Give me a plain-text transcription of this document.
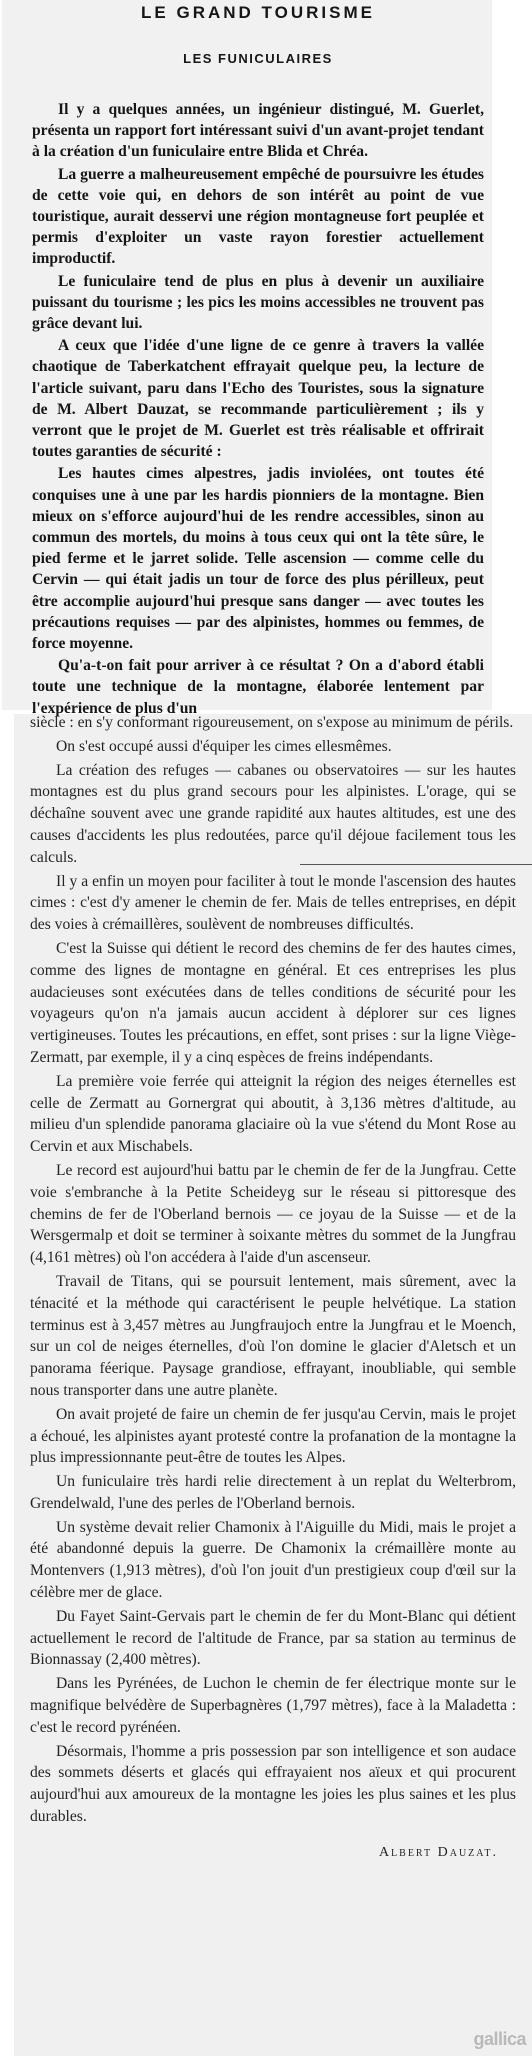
LE GRAND TOURISME
LES FUNICULAIRES

Il y a quelques années, un ingénieur distingué, M. Guerlet, présenta un rapport fort intéressant suivi d'un avant-projet tendant à la création d'un funiculaire entre Blida et Chréa.

La guerre a malheureusement empêché de poursuivre les études de cette voie qui, en dehors de son intérêt au point de vue touristique, aurait desservi une région montagneuse fort peuplée et permis d'exploiter un vaste rayon forestier actuellement improductif.

Le funiculaire tend de plus en plus à devenir un auxiliaire puissant du tourisme ; les pics les moins accessibles ne trouvent pas grâce devant lui.

A ceux que l'idée d'une ligne de ce genre à travers la vallée chaotique de Taberkatchent effrayait quelque peu, la lecture de l'article suivant, paru dans l'Echo des Touristes, sous la signature de M. Albert Dauzat, se recommande particulièrement ; ils y verront que le projet de M. Guerlet est très réalisable et offrirait toutes garanties de sécurité :

Les hautes cimes alpestres, jadis inviolées, ont toutes été conquises une à une par les hardis pionniers de la montagne. Bien mieux on s'efforce aujourd'hui de les rendre accessibles, sinon au commun des mortels, du moins à tous ceux qui ont la tête sûre, le pied ferme et le jarret solide. Telle ascension — comme celle du Cervin — qui était jadis un tour de force des plus périlleux, peut être accomplie aujourd'hui presque sans danger — avec toutes les précautions requises — par des alpinistes, hommes ou femmes, de force moyenne.

Qu'a-t-on fait pour arriver à ce résultat ? On a d'abord établi toute une technique de la montagne, élaborée lentement par l'expérience de plus d'un

siècle : en s'y conformant rigoureusement, on s'expose au minimum de périls.

On s'est occupé aussi d'équiper les cimes ellesmêmes.

La création des refuges — cabanes ou observatoires — sur les hautes montagnes est du plus grand secours pour les alpinistes. L'orage, qui se déchaîne souvent avec une grande rapidité aux hautes altitudes, est une des causes d'accidents les plus redoutées, parce qu'il déjoue facilement tous les calculs.

Il y a enfin un moyen pour faciliter à tout le monde l'ascension des hautes cimes : c'est d'y amener le chemin de fer. Mais de telles entreprises, en dépit des voies à crémaillères, soulèvent de nombreuses difficultés.

C'est la Suisse qui détient le record des chemins de fer des hautes cimes, comme des lignes de montagne en général. Et ces entreprises les plus audacieuses sont exécutées dans de telles conditions de sécurité pour les voyageurs qu'on n'a jamais aucun accident à déplorer sur ces lignes vertigineuses. Toutes les précautions, en effet, sont prises : sur la ligne Viège-Zermatt, par exemple, il y a cinq espèces de freins indépendants.

La première voie ferrée qui atteignit la région des neiges éternelles est celle de Zermatt au Gornergrat qui aboutit, à 3,136 mètres d'altitude, au milieu d'un splendide panorama glaciaire où la vue s'étend du Mont Rose au Cervin et aux Mischabels.

Le record est aujourd'hui battu par le chemin de fer de la Jungfrau. Cette voie s'embranche à la Petite Scheideyg sur le réseau si pittoresque des chemins de fer de l'Oberland bernois — ce joyau de la Suisse — et de la Wersgermalp et doit se terminer à soixante mètres du sommet de la Jungfrau (4,161 mètres) où l'on accédera à l'aide d'un ascenseur.

Travail de Titans, qui se poursuit lentement, mais sûrement, avec la ténacité et la méthode qui caractérisent le peuple helvétique. La station terminus est à 3,457 mètres au Jungfraujoch entre la Jungfrau et le Moench, sur un col de neiges éternelles, d'où l'on domine le glacier d'Aletsch et un panorama féerique. Paysage grandiose, effrayant, inoubliable, qui semble nous transporter dans une autre planète.

On avait projeté de faire un chemin de fer jusqu'au Cervin, mais le projet a échoué, les alpinistes ayant protesté contre la profanation de la montagne la plus impressionnante peut-être de toutes les Alpes.

Un funiculaire très hardi relie directement à un replat du Welterbrom, Grendelwald, l'une des perles de l'Oberland bernois.

Un système devait relier Chamonix à l'Aiguille du Midi, mais le projet a été abandonné depuis la guerre. De Chamonix la crémaillère monte au Montenvers (1,913 mètres), d'où l'on jouit d'un prestigieux coup d'œil sur la célèbre mer de glace.

Du Fayet Saint-Gervais part le chemin de fer du Mont-Blanc qui détient actuellement le record de l'altitude de France, par sa station au terminus de Bionnassay (2,400 mètres).

Dans les Pyrénées, de Luchon le chemin de fer électrique monte sur le magnifique belvédère de Superbagnères (1,797 mètres), face à la Maladetta : c'est le record pyrénéen.

Désormais, l'homme a pris possession par son intelligence et son audace des sommets déserts et glacés qui effrayaient nos aïeux et qui procurent aujourd'hui aux amoureux de la montagne les joies les plus saines et les plus durables.

Albert Dauzat.
gallica
